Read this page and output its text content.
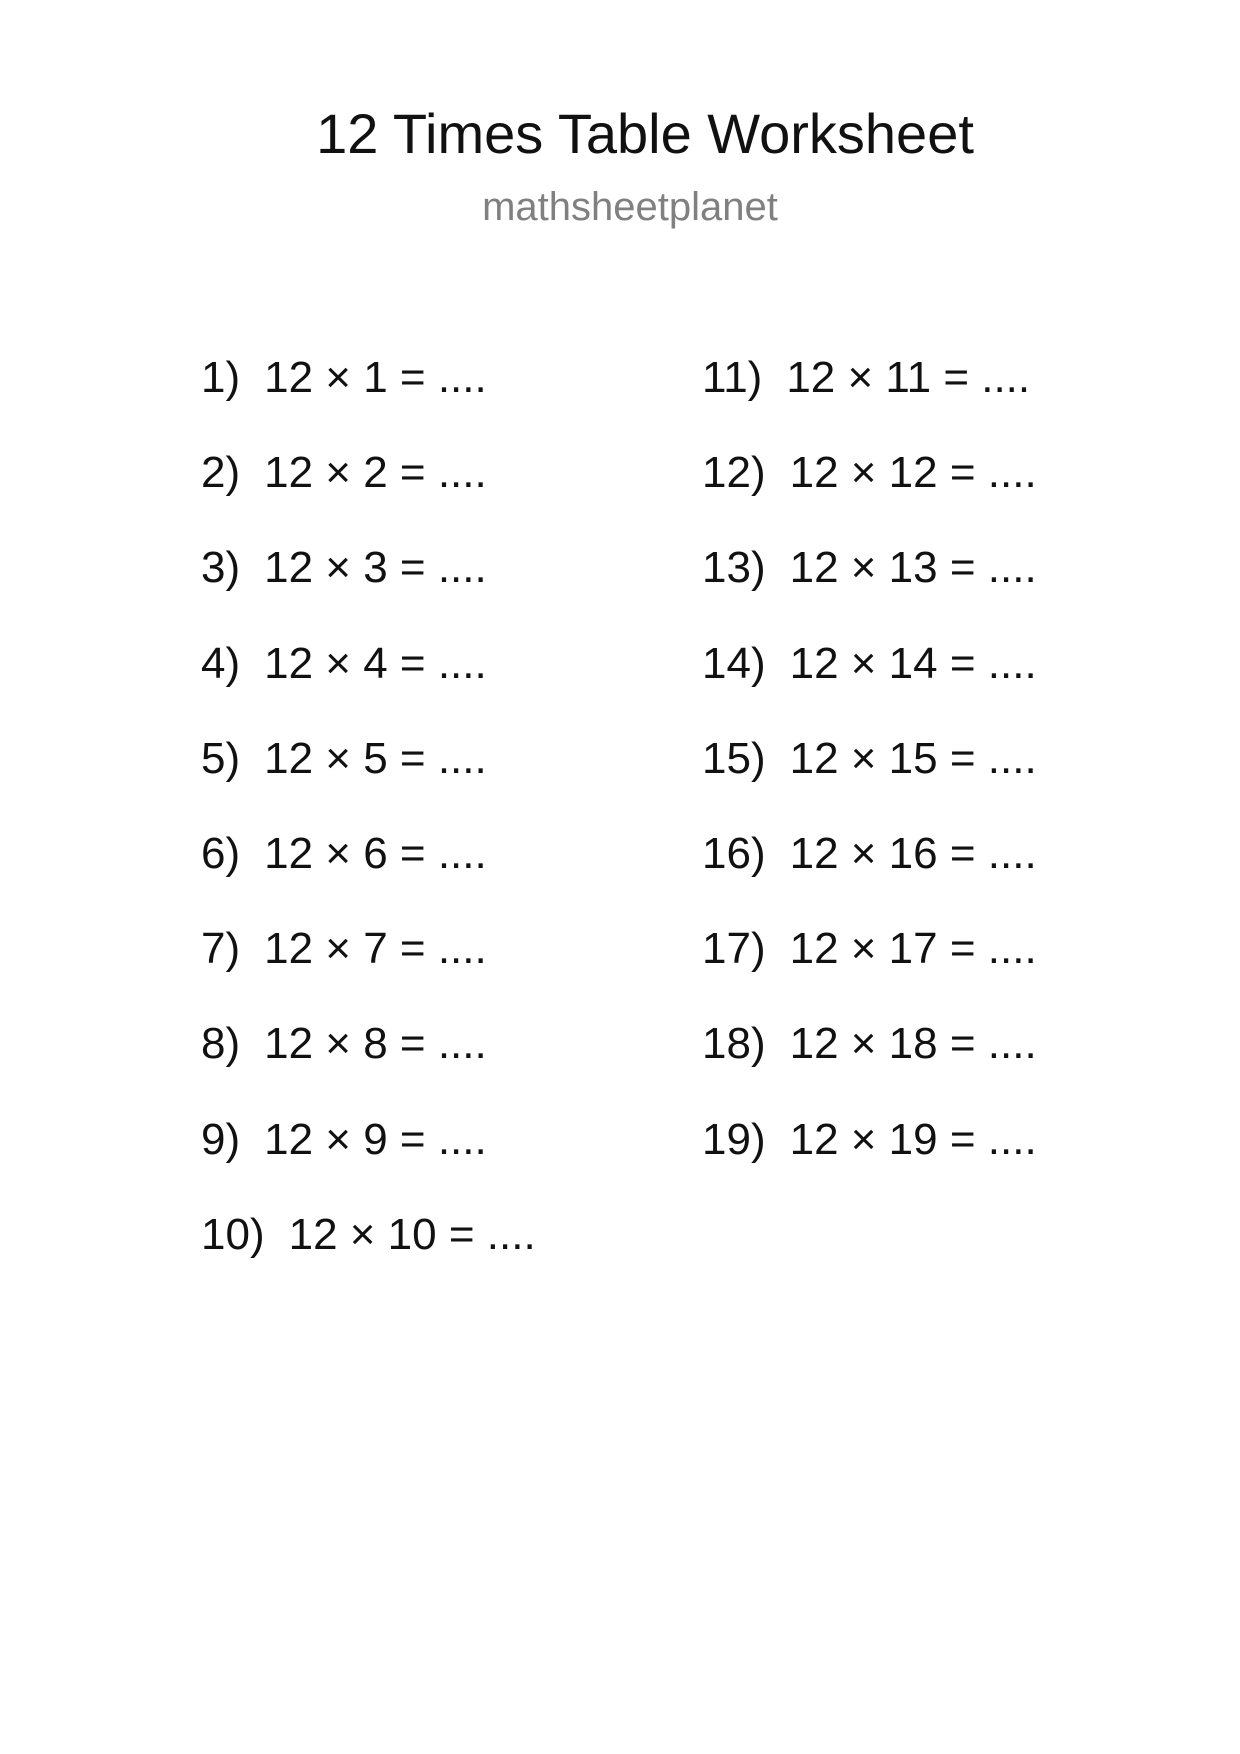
12 Times Table Worksheet

mathsheetplanet

1) 12 × 1 = ....
2) 12 × 2 = ....
3) 12 × 3 = ....
4) 12 × 4 = ....
5) 12 × 5 = ....
6) 12 × 6 = ....
7) 12 × 7 = ....
8) 12 × 8 = ....
9) 12 × 9 = ....
10) 12 × 10 = ....
11) 12 × 11 = ....
12) 12 × 12 = ....
13) 12 × 13 = ....
14) 12 × 14 = ....
15) 12 × 15 = ....
16) 12 × 16 = ....
17) 12 × 17 = ....
18) 12 × 18 = ....
19) 12 × 19 = ....
